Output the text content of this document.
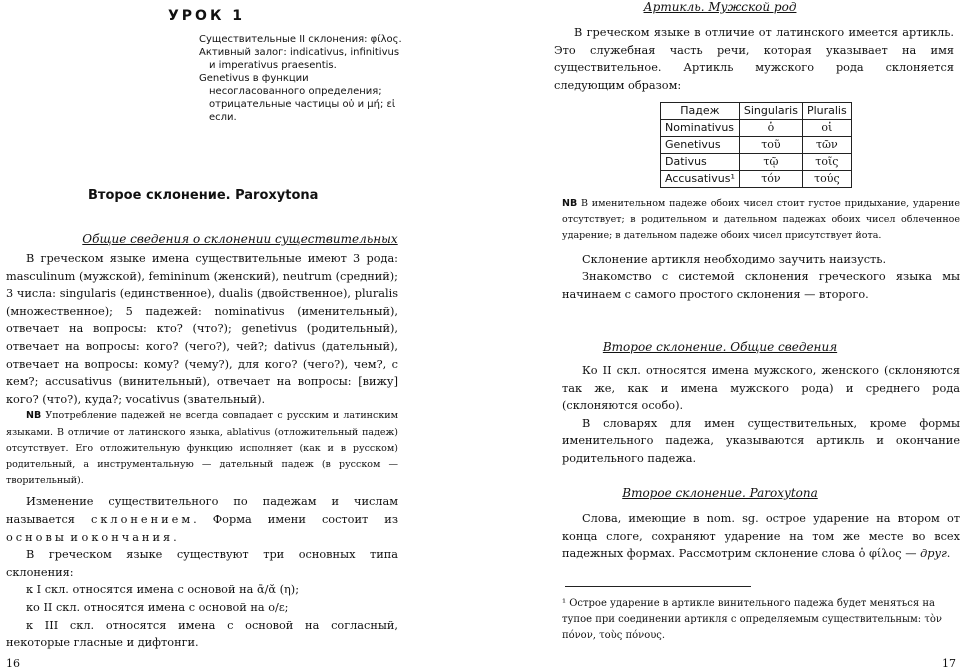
УРОК 1
Существительные II склонения: φίλος.
Активный залог: indicativus, infinitivus и imperativus praesentis.
Genetivus в функции несогласованного определения; отрицательные частицы οὐ и μή; εἰ если.
Второе склонение. Paroxytona
Общие сведения о склонении существительных

В греческом языке имена существительные имеют 3 рода: masculinum (мужской), femininum (женский), neutrum (средний); 3 числа: singularis (единственное), dualis (двойственное), pluralis (множественное); 5 падежей: nominativus (именительный), отвечает на вопросы: кто? (что?); genetivus (родительный), отвечает на вопросы: кого? (чего?), чей?; dativus (дательный), отвечает на вопросы: кому? (чему?), для кого? (чего?), чем?, с кем?; accusativus (винительный), отвечает на вопросы: [вижу] кого? (что?), куда?; vocativus (звательный).

NB Употребление падежей не всегда совпадает с русским и латинским языками. В отличие от латинского языка, ablativus (отложительный падеж) отсутствует. Его отложительную функцию исполняет (как и в русском) родительный, а инструментальную — дательный падеж (в русском — творительный).

Изменение существительного по падежам и числам называется склонением. Форма имени состоит из основы и окончания.

В греческом языке существуют три основных типа склонения:

к I скл. относятся имена с основой на ᾱ/ᾰ (η);

ко II скл. относятся имена с основой на ο/ε;

к III скл. относятся имена с основой на согласный, некоторые гласные и дифтонги.

16
Артикль. Мужской род

В греческом языке в отличие от латинского имеется артикль. Это служебная часть речи, которая указывает на имя существительное. Артикль мужского рода склоняется следующим образом:

Падеж	Singularis	Pluralis
Nominativus	ὁ	οἱ
Genetivus	τοῦ	τῶν
Dativus	τῷ	τοῖς
Accusativus¹	τόν	τούς

NB В именительном падеже обоих чисел стоит густое придыхание, ударение отсутствует; в родительном и дательном падежах обоих чисел облеченное ударение; в дательном падеже обоих чисел присутствует йота.

Склонение артикля необходимо заучить наизусть.

Знакомство с системой склонения греческого языка мы начинаем с самого простого склонения — второго.

Второе склонение. Общие сведения

Ко II скл. относятся имена мужского, женского (склоняются так же, как и имена мужского рода) и среднего рода (склоняются особо).

В словарях для имен существительных, кроме формы именительного падежа, указываются артикль и окончание родительного падежа.

Второе склонение. Paroxytona

Слова, имеющие в nom. sg. острое ударение на втором от конца слоге, сохраняют ударение на том же месте во всех падежных формах. Рассмотрим склонение слова ὁ φίλος — друг.

¹ Острое ударение в артикле винительного падежа будет меняться на тупое при соединении артикля с определяемым существительным: τὸν πόνον, τοὺς πόνους.

17
